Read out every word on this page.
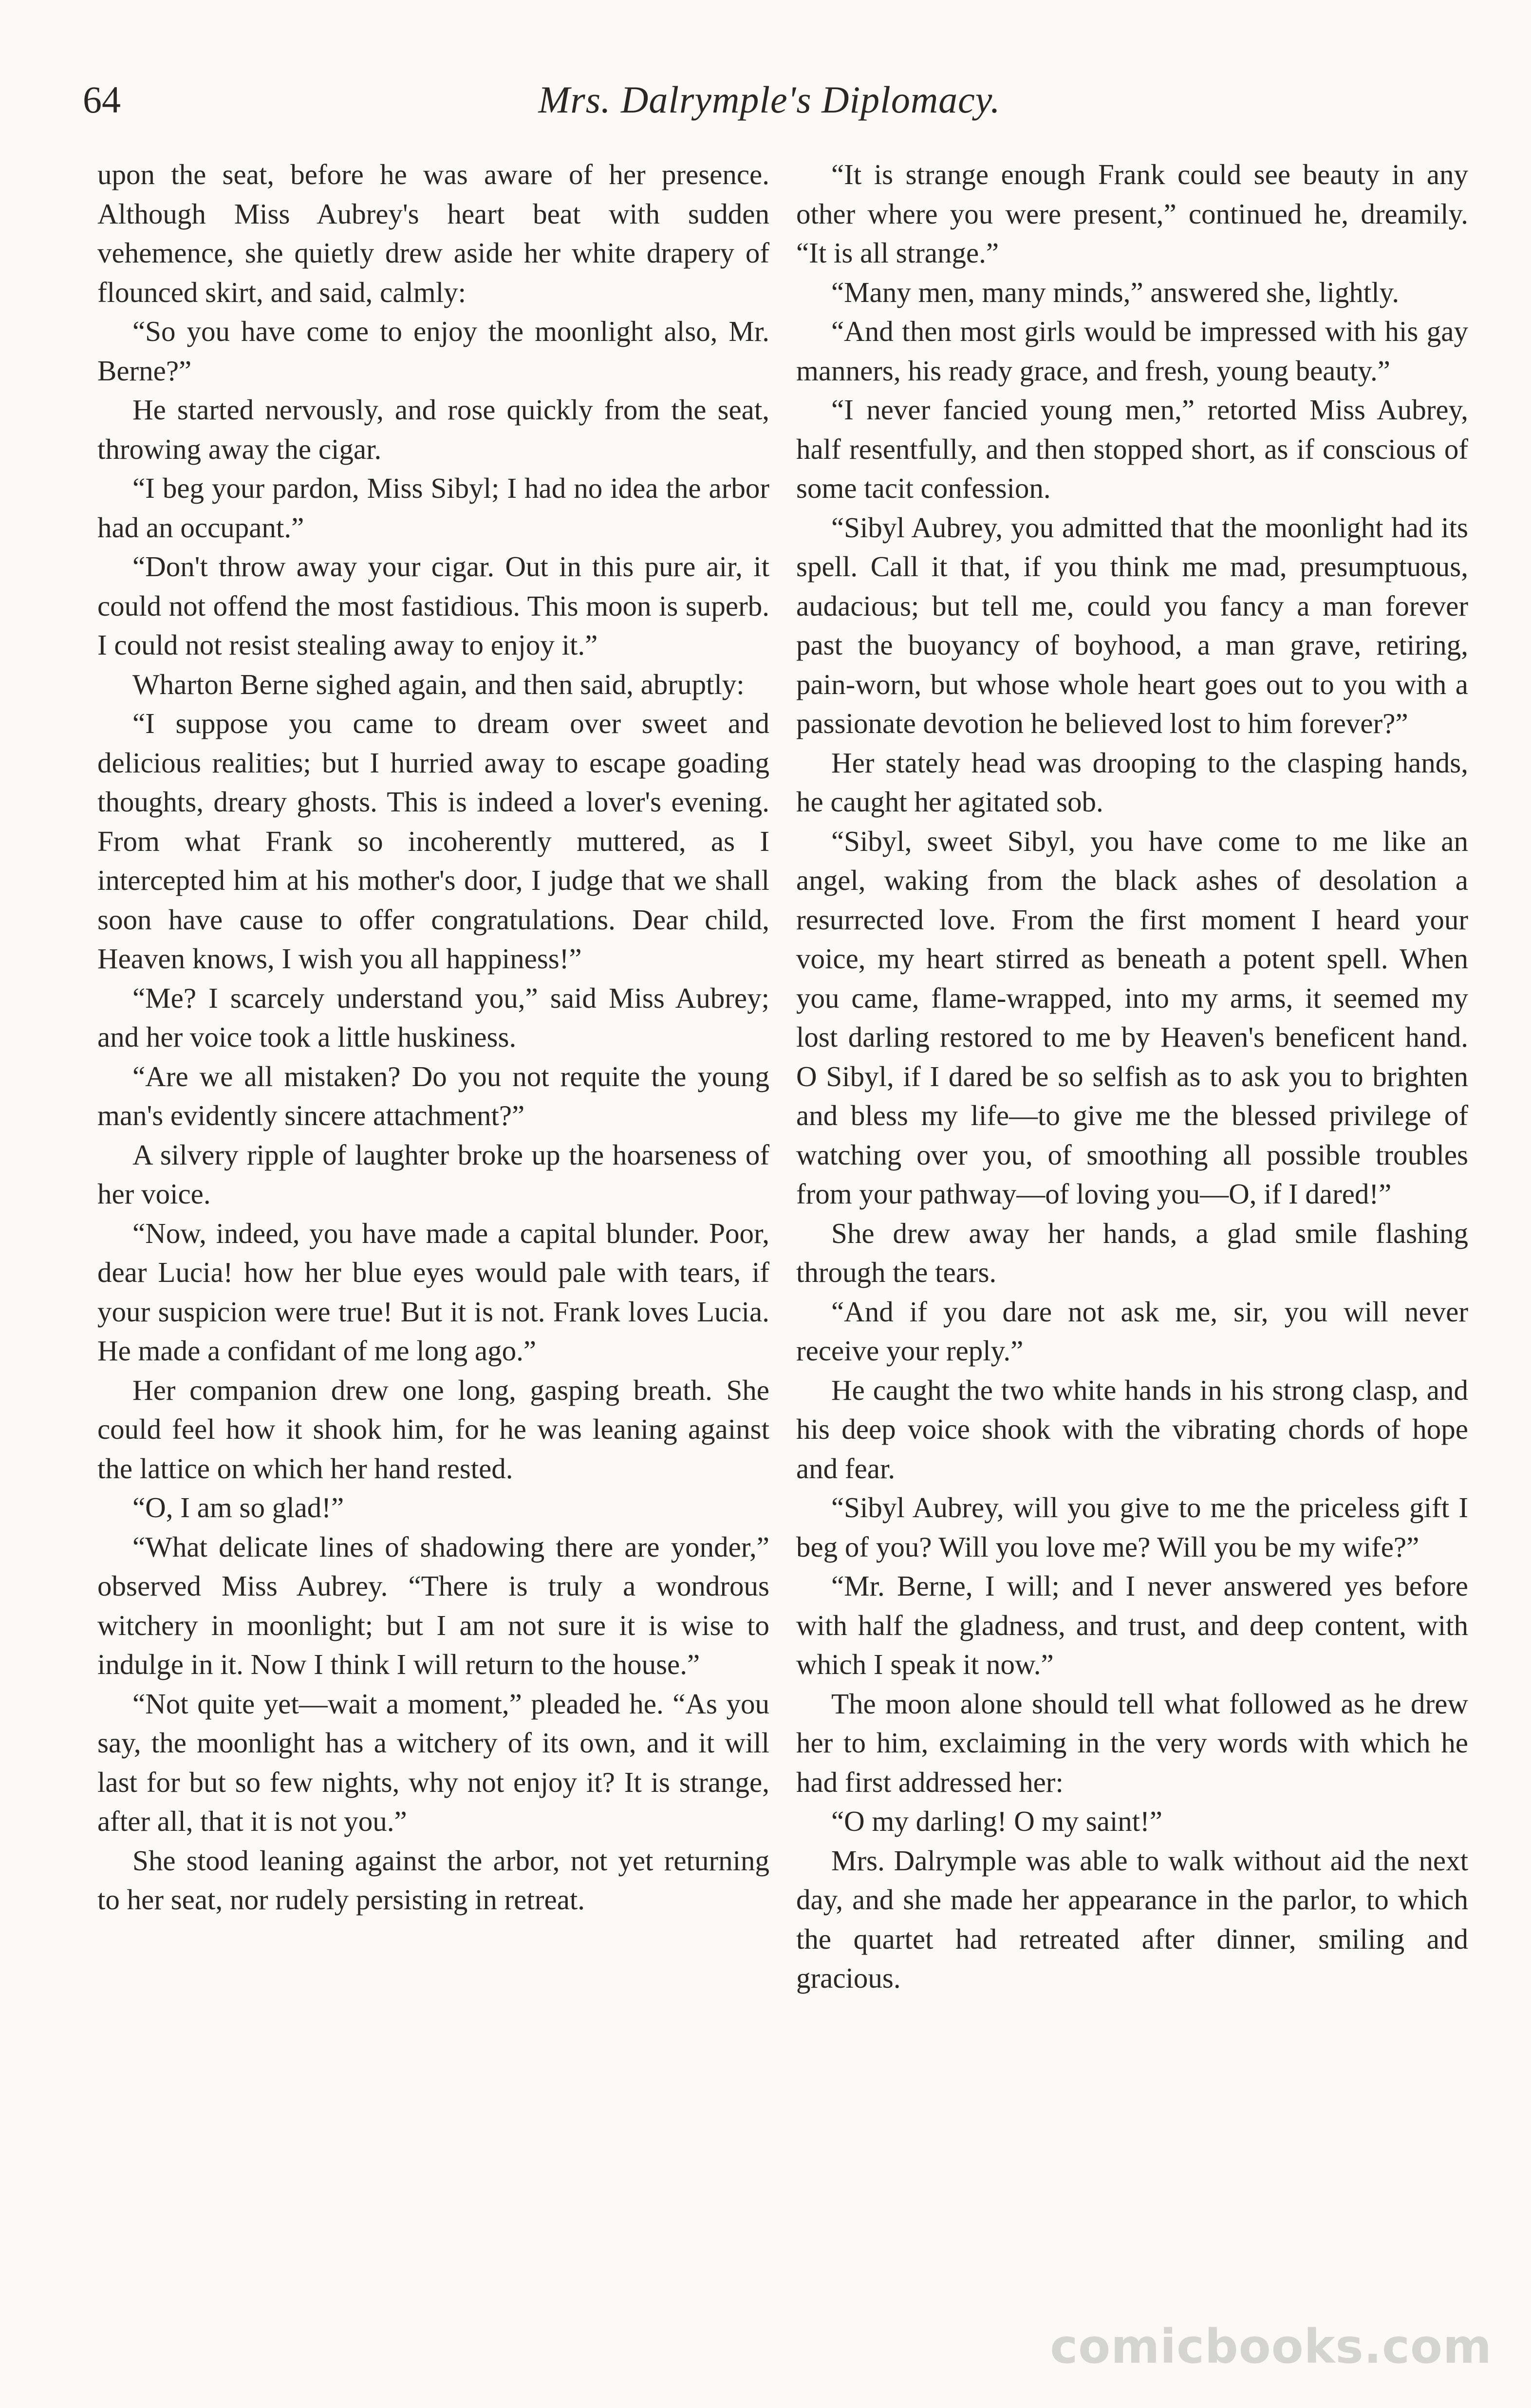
64	Mrs. Dalrymple's Diplomacy.

upon the seat, before he was aware of her presence. Although Miss Aubrey's heart beat with sudden vehemence, she quietly drew aside her white drapery of flounced skirt, and said, calmly:

“So you have come to enjoy the moonlight also, Mr. Berne?”

He started nervously, and rose quickly from the seat, throwing away the cigar.

“I beg your pardon, Miss Sibyl; I had no idea the arbor had an occupant.”

“Don't throw away your cigar. Out in this pure air, it could not offend the most fastidious. This moon is superb. I could not resist stealing away to enjoy it.”

Wharton Berne sighed again, and then said, abruptly:

“I suppose you came to dream over sweet and delicious realities; but I hurried away to escape goading thoughts, dreary ghosts. This is indeed a lover's evening. From what Frank so incoherently muttered, as I intercepted him at his mother's door, I judge that we shall soon have cause to offer congratulations. Dear child, Heaven knows, I wish you all happiness!”

“Me? I scarcely understand you,” said Miss Aubrey; and her voice took a little huskiness.

“Are we all mistaken? Do you not requite the young man's evidently sincere attachment?”

A silvery ripple of laughter broke up the hoarseness of her voice.

“Now, indeed, you have made a capital blunder. Poor, dear Lucia! how her blue eyes would pale with tears, if your suspicion were true! But it is not. Frank loves Lucia. He made a confidant of me long ago.”

Her companion drew one long, gasping breath. She could feel how it shook him, for he was leaning against the lattice on which her hand rested.

“O, I am so glad!”

“What delicate lines of shadowing there are yonder,” observed Miss Aubrey. “There is truly a wondrous witchery in moonlight; but I am not sure it is wise to indulge in it. Now I think I will return to the house.”

“Not quite yet—wait a moment,” pleaded he. “As you say, the moonlight has a witchery of its own, and it will last for but so few nights, why not enjoy it? It is strange, after all, that it is not you.”

She stood leaning against the arbor, not yet returning to her seat, nor rudely persisting in retreat.

“It is strange enough Frank could see beauty in any other where you were present,” continued he, dreamily. “It is all strange.”

“Many men, many minds,” answered she, lightly.

“And then most girls would be impressed with his gay manners, his ready grace, and fresh, young beauty.”

“I never fancied young men,” retorted Miss Aubrey, half resentfully, and then stopped short, as if conscious of some tacit confession.

“Sibyl Aubrey, you admitted that the moonlight had its spell. Call it that, if you think me mad, presumptuous, audacious; but tell me, could you fancy a man forever past the buoyancy of boyhood, a man grave, retiring, pain-worn, but whose whole heart goes out to you with a passionate devotion he believed lost to him forever?”

Her stately head was drooping to the clasping hands, he caught her agitated sob.

“Sibyl, sweet Sibyl, you have come to me like an angel, waking from the black ashes of desolation a resurrected love. From the first moment I heard your voice, my heart stirred as beneath a potent spell. When you came, flame-wrapped, into my arms, it seemed my lost darling restored to me by Heaven's beneficent hand. O Sibyl, if I dared be so selfish as to ask you to brighten and bless my life—to give me the blessed privilege of watching over you, of smoothing all possible troubles from your pathway—of loving you—O, if I dared!”

She drew away her hands, a glad smile flashing through the tears.

“And if you dare not ask me, sir, you will never receive your reply.”

He caught the two white hands in his strong clasp, and his deep voice shook with the vibrating chords of hope and fear.

“Sibyl Aubrey, will you give to me the priceless gift I beg of you? Will you love me? Will you be my wife?”

“Mr. Berne, I will; and I never answered yes before with half the gladness, and trust, and deep content, with which I speak it now.”

The moon alone should tell what followed as he drew her to him, exclaiming in the very words with which he had first addressed her:

“O my darling! O my saint!”

Mrs. Dalrymple was able to walk without aid the next day, and she made her appearance in the parlor, to which the quartet had retreated after dinner, smiling and gracious.

comicbooks.com
